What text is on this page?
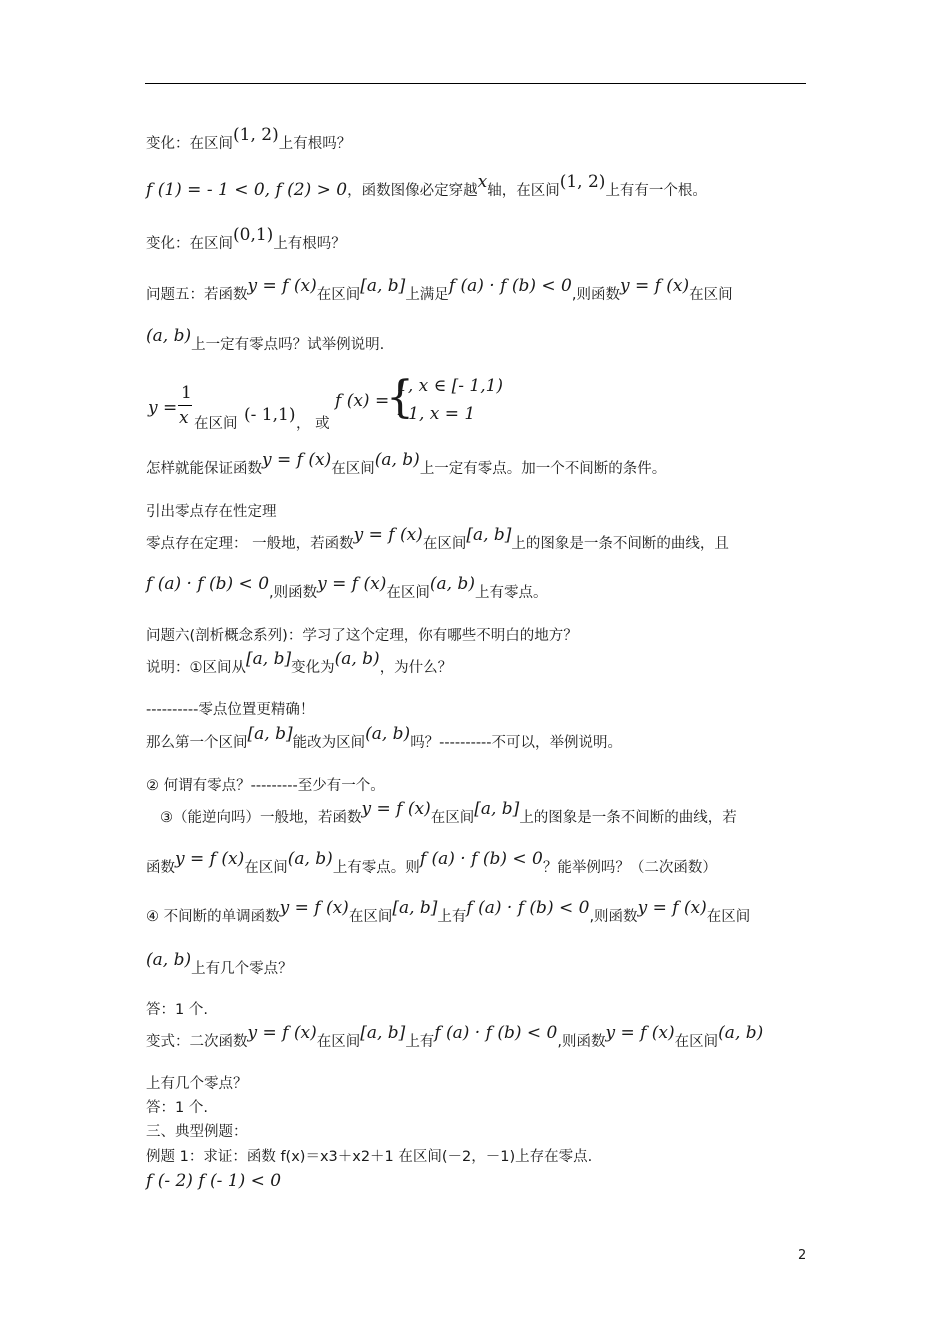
变化：在区间(1, 2)上有根吗？
f (1) = - 1 < 0, f (2) > 0，函数图像必定穿越x轴，在区间(1, 2)上有有一个根。
变化：在区间(0,1)上有根吗？
问题五：若函数y = f (x)在区间[a, b]上满足f (a) · f (b) < 0,则函数y = f (x)在区间
(a, b)上一定有零点吗？试举例说明.
y =
1
x 在区间 (- 1,1) ， 或
f (x) =
{
1, x ∈ [- 1,1)
- 1, x = 1
怎样就能保证函数y = f (x)在区间(a, b)上一定有零点。加一个不间断的条件。
引出零点存在性定理
零点存在定理： 一般地，若函数y = f (x)在区间[a, b]上的图象是一条不间断的曲线，且
f (a) · f (b) < 0,则函数y = f (x)在区间(a, b)上有零点。
问题六(剖析概念系列)：学习了这个定理，你有哪些不明白的地方？
说明：①区间从[a, b]变化为(a, b)，为什么？
----------零点位置更精确！
那么第一个区间[a, b]能改为区间(a, b)吗？----------不可以，举例说明。
② 何谓有零点？---------至少有一个。
③（能逆向吗）一般地，若函数y = f (x)在区间[a, b]上的图象是一条不间断的曲线，若
函数y = f (x)在区间(a, b)上有零点。则f (a) · f (b) < 0？能举例吗？（二次函数）
④ 不间断的单调函数y = f (x)在区间[a, b]上有f (a) · f (b) < 0,则函数y = f (x)在区间
(a, b)上有几个零点？
答：1 个.
变式：二次函数y = f (x)在区间[a, b]上有f (a) · f (b) < 0,则函数y = f (x)在区间(a, b)
上有几个零点？
答：1 个.
三、典型例题：
例题 1：求证：函数 f(x)＝x3＋x2＋1 在区间(－2，－1)上存在零点.
f (- 2) f (- 1) < 0
2
